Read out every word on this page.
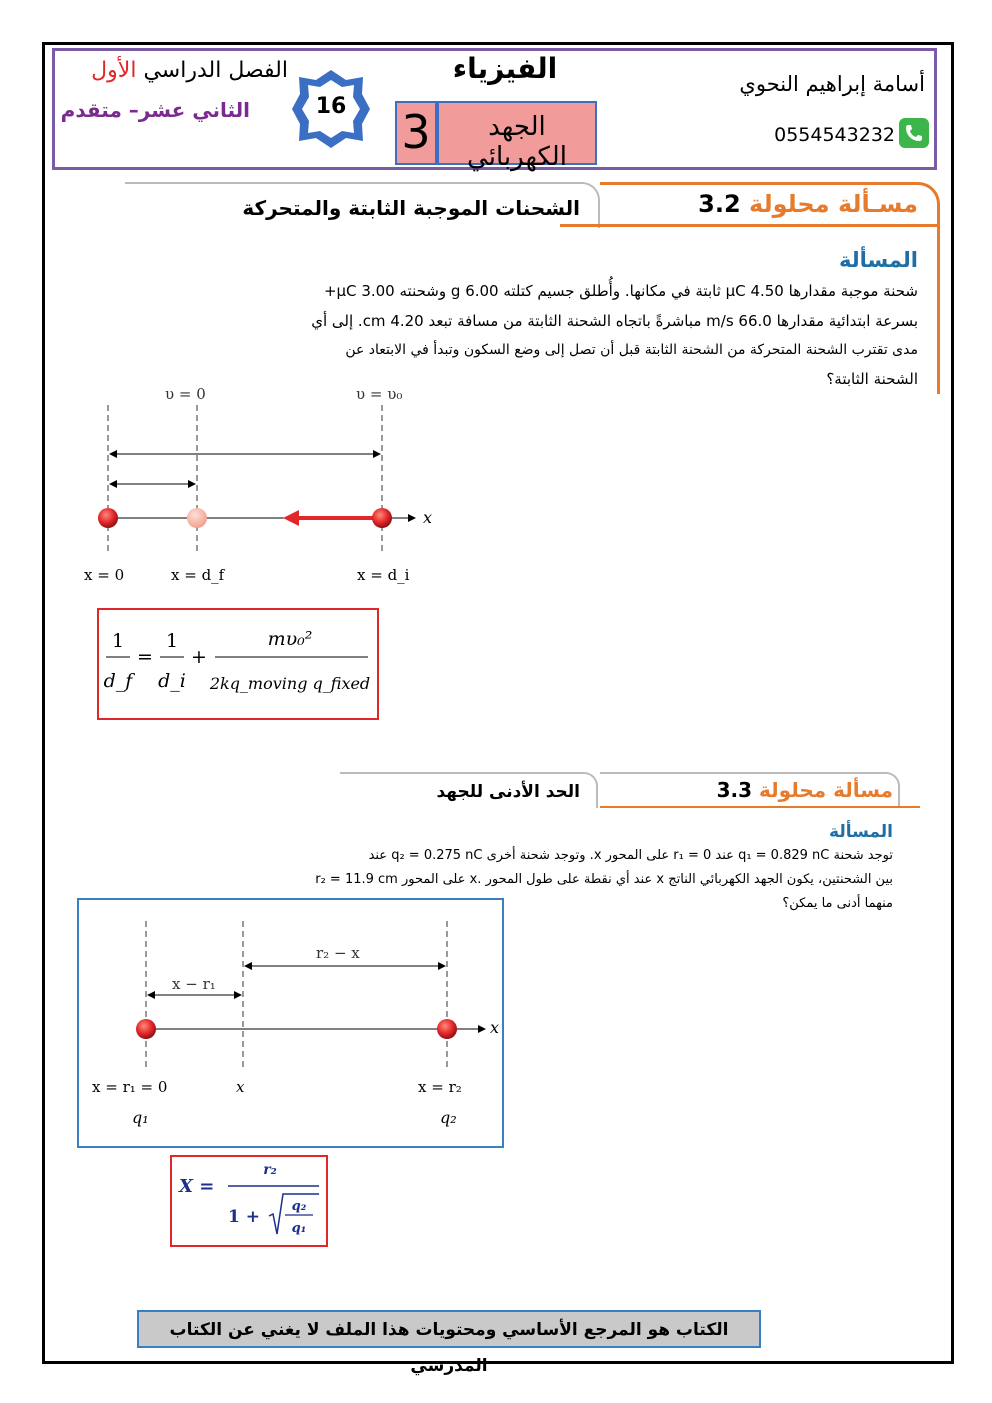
الفصل الدراسي الأول
الثاني عشر– متقدم	16
الفيزياء
3	الجهد الكهربائي
أسامة إبراهيم النحوي
0554543232
مسـألة محلولة 3.2
الشحنات الموجبة الثابتة والمتحركة
المسألة
شحنة موجبة مقدارها 4.50 μC ثابتة في مكانها. وأُطلق جسيم كتلته 6.00 g وشحنته 3.00 μC+
بسرعة ابتدائية مقدارها 66.0 m/s مباشرةً باتجاه الشحنة الثابتة من مسافة تبعد 4.20 cm. إلى أي
مدى تقترب الشحنة المتحركة من الشحنة الثابتة قبل أن تصل إلى وضع السكون وتبدأ في الابتعاد عن
الشحنة الثابتة؟
υ = 0	υ = υ₀
x
x = 0	x = d_f	x = d_i
1
d_f
=
1
d_i
+
mυ₀²
2kq_moving q_fixed
مسألة محلولة 3.3
الحد الأدنى للجهد
المسألة
توجد شحنة q₁ = 0.829 nC عند r₁ = 0 على المحور x. وتوجد شحنة أخرى q₂ = 0.275 nC عند
r₂ = 11.9 cm على المحور x. عند أي نقطة على طول المحور x بين الشحنتين، يكون الجهد الكهربائي الناتج
منهما أدنى ما يمكن؟
r₂ − x
x − r₁
x
x = r₁ = 0	x	x = r₂
q₁	q₂
X =
r₂
1 +
q₂
q₁
الكتاب هو المرجع الأساسي ومحتويات هذا الملف لا يغني عن الكتاب المدرسي
